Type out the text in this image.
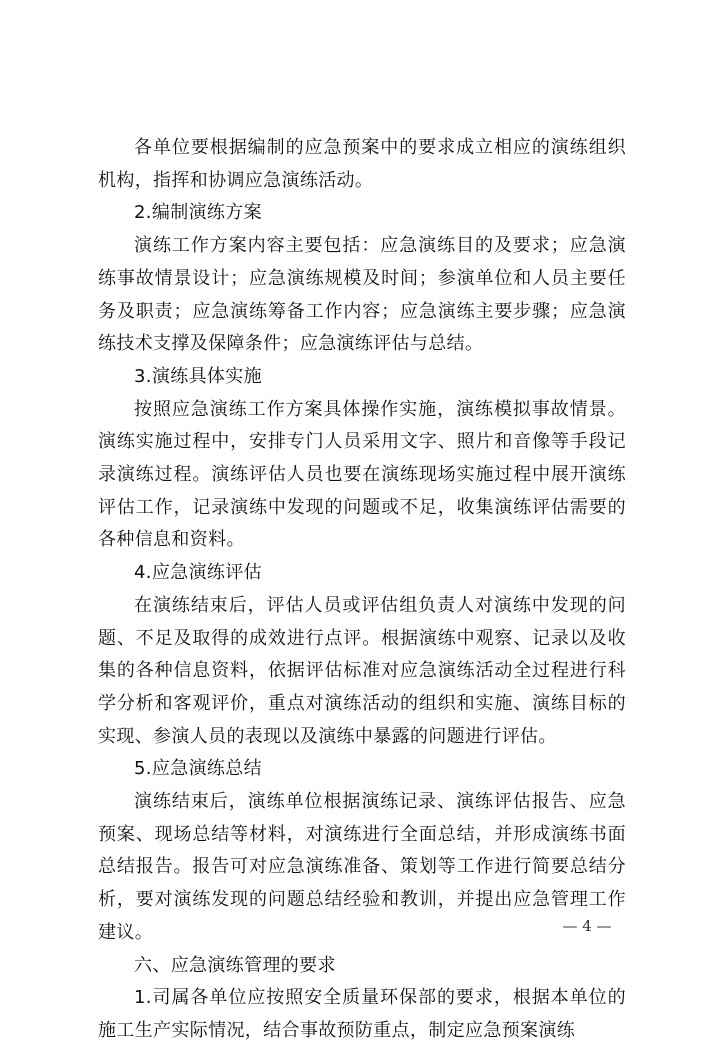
各单位要根据编制的应急预案中的要求成立相应的演练组织机构，指挥和协调应急演练活动。

2.编制演练方案

演练工作方案内容主要包括：应急演练目的及要求；应急演练事故情景设计；应急演练规模及时间；参演单位和人员主要任务及职责；应急演练筹备工作内容；应急演练主要步骤；应急演练技术支撑及保障条件；应急演练评估与总结。

3.演练具体实施

按照应急演练工作方案具体操作实施，演练模拟事故情景。演练实施过程中，安排专门人员采用文字、照片和音像等手段记录演练过程。演练评估人员也要在演练现场实施过程中展开演练评估工作，记录演练中发现的问题或不足，收集演练评估需要的各种信息和资料。

4.应急演练评估

在演练结束后，评估人员或评估组负责人对演练中发现的问题、不足及取得的成效进行点评。根据演练中观察、记录以及收集的各种信息资料，依据评估标准对应急演练活动全过程进行科学分析和客观评价，重点对演练活动的组织和实施、演练目标的实现、参演人员的表现以及演练中暴露的问题进行评估。

5.应急演练总结

演练结束后，演练单位根据演练记录、演练评估报告、应急预案、现场总结等材料，对演练进行全面总结，并形成演练书面总结报告。报告可对应急演练准备、策划等工作进行简要总结分析，要对演练发现的问题总结经验和教训，并提出应急管理工作建议。

六、应急演练管理的要求

1.司属各单位应按照安全质量环保部的要求，根据本单位的施工生产实际情况，结合事故预防重点，制定应急预案演练

— 4 —
